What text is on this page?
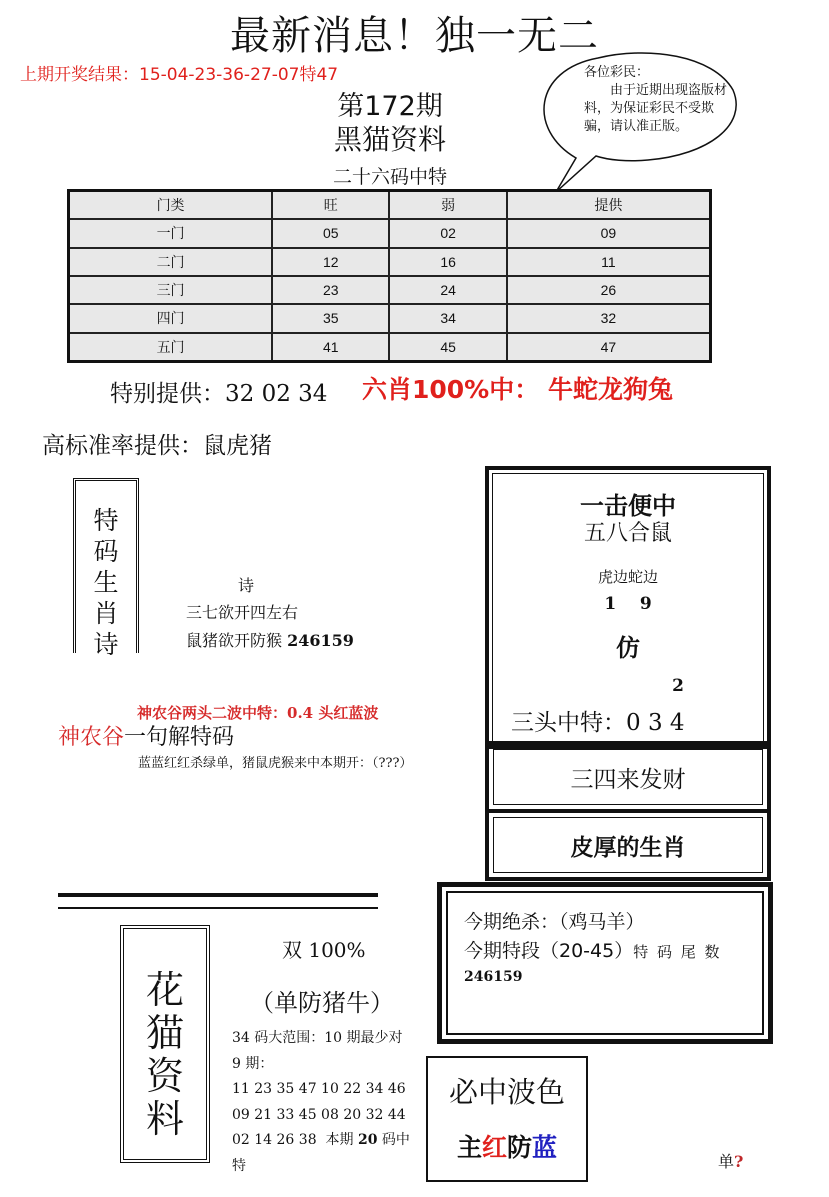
最新消息！独一无二
上期开奖结果：15-04-23-36-27-07特47
第172期
黑猫资料
二十六码中特
各位彩民：
由于近期出现盗版材料，为保证彩民不受欺骗，请认准正版。
门类	旺	弱	提供
一门	05	02	09
二门	12	16	11
三门	23	24	26
四门	35	34	32
五门	41	45	47
特别提供：32 02 34 六肖100%中： 牛蛇龙狗兔
高标准率提供：鼠虎猪
特
码
生
肖
诗
诗
三七欲开四左右
鼠猪欲开防猴 246159
神农谷两头二波中特：0.4 头红蓝波
神农谷一句解特码
蓝蓝红红杀绿单，猪鼠虎猴来中本期开：（???）
一击便中
五八合鼠
虎边蛇边
1    9
仿
2
三头中特：0 3 4
三四来发财
皮厚的生肖
花
猫
资
料
双 100%
（单防猪牛）
34 码大范围：10 期最少对
9 期：
11 23 35 47 10 22 34 46
09 21 33 45 08 20 32 44
02 14 26 38  本期 20 码中
特
今期绝杀：（鸡马羊）
今期特段（20-45）特 码 尾 数
246159
必中波色
主红防蓝	单?
